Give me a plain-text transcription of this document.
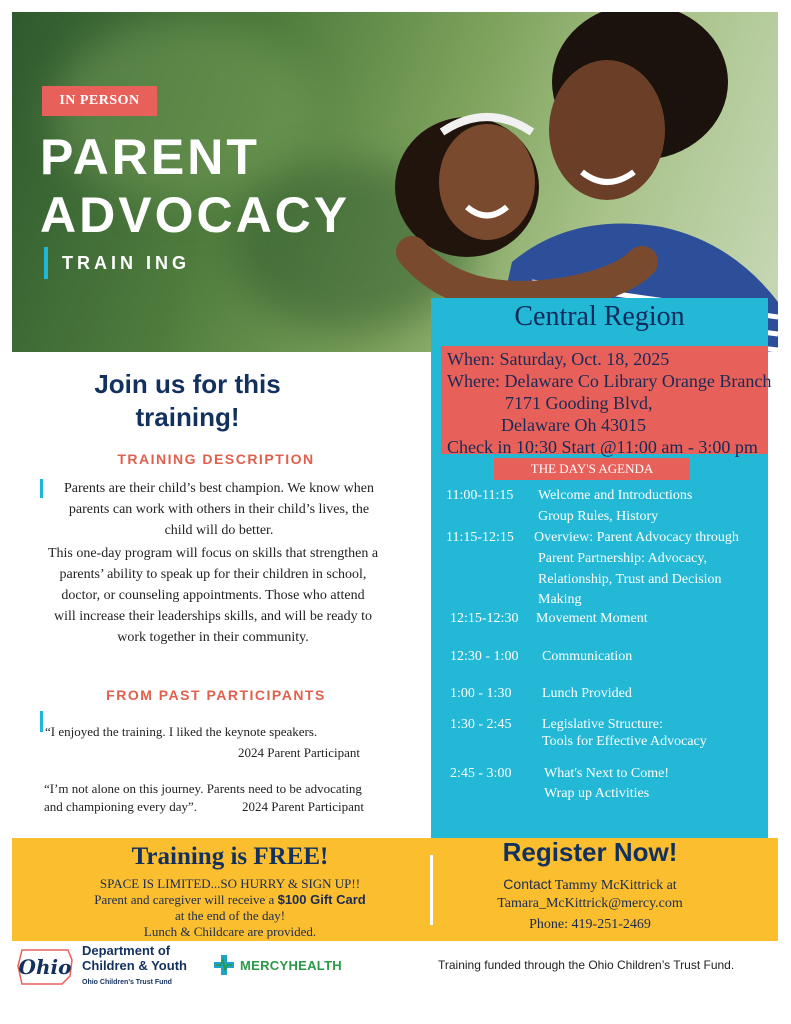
IN PERSON
PARENT
ADVOCACY
TRAIN ING
Central Region
When: Saturday, Oct. 18, 2025
Where: Delaware Co Library Orange Branch
7171 Gooding Blvd,
Delaware Oh 43015
Check in 10:30 Start @11:00 am - 3:00 pm
THE DAY'S AGENDA
11:00-11:15 Welcome and Introductions
Group Rules, History
11:15-12:15 Overview: Parent Advocacy through
Parent Partnership: Advocacy,
Relationship, Trust and Decision
Making
12:15-12:30 Movement Moment
12:30 - 1:00 Communication
1:00 - 1:30 Lunch Provided
1:30 - 2:45 Legislative Structure:
Tools for Effective Advocacy
2:45 - 3:00 What's Next to Come!
Wrap up Activities
Join us for this
training!
TRAINING DESCRIPTION
Parents are their child’s best champion. We know when
parents can work with others in their child’s lives, the
child will do better.
This one-day program will focus on skills that strengthen a
parents’ ability to speak up for their children in school,
doctor, or counseling appointments. Those who attend
will increase their leaderships skills, and will be ready to
work together in their community.
FROM PAST PARTICIPANTS
“I enjoyed the training. I liked the keynote speakers.
2024 Parent Participant
“I’m not alone on this journey. Parents need to be advocating
and championing every day”.	2024 Parent Participant
Training is FREE!
SPACE IS LIMITED...SO HURRY & SIGN UP!!
Parent and caregiver will receive a $100 Gift Card
at the end of the day!
Lunch & Childcare are provided.
Register Now!
Contact Tammy McKittrick at
Tamara_McKittrick@mercy.com
Phone: 419-251-2469
Ohio
Department of
Children & Youth
Ohio Children’s Trust Fund
MERCYHEALTH	Training funded through the Ohio Children’s Trust Fund.
